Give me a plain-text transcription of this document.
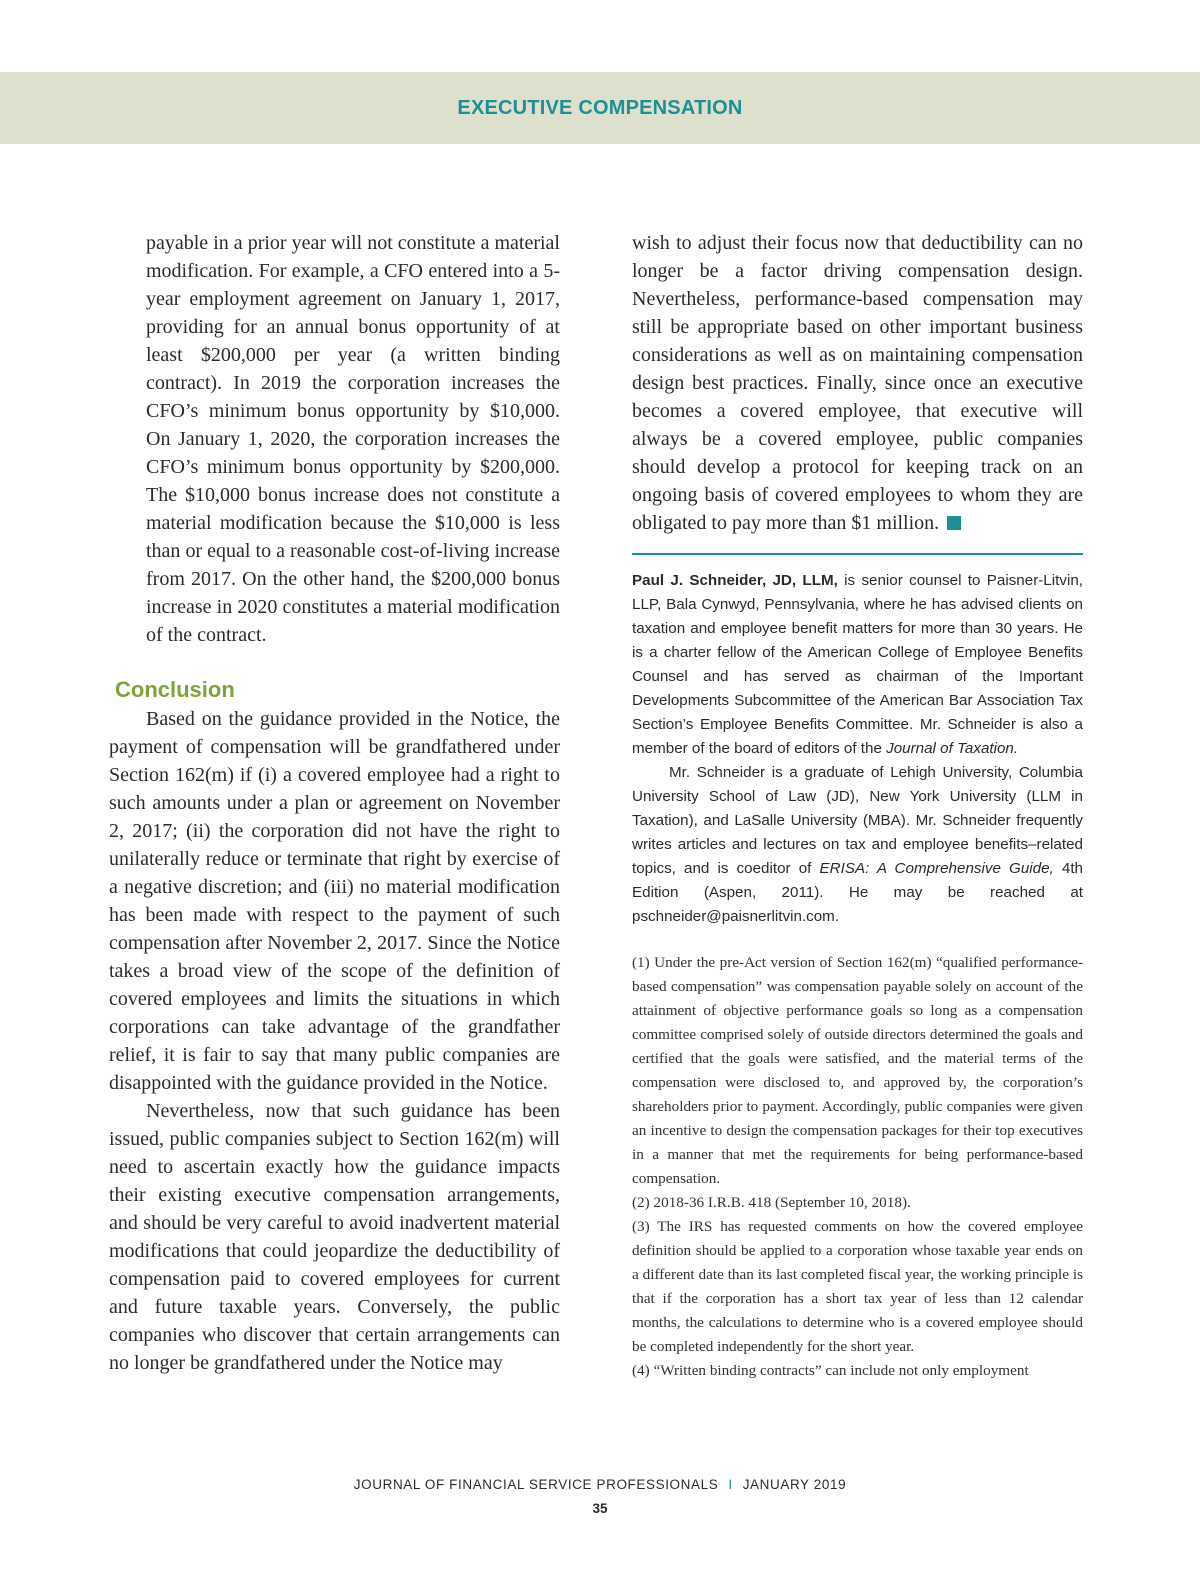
EXECUTIVE COMPENSATION

payable in a prior year will not constitute a material modification. For example, a CFO entered into a 5-year employment agreement on January 1, 2017, providing for an annual bonus opportunity of at least $200,000 per year (a written binding contract). In 2019 the corporation increases the CFO’s minimum bonus opportunity by $10,000. On January 1, 2020, the corporation increases the CFO’s minimum bonus opportunity by $200,000. The $10,000 bonus increase does not constitute a material modification because the $10,000 is less than or equal to a reasonable cost-of-living increase from 2017. On the other hand, the $200,000 bonus increase in 2020 constitutes a material modification of the contract.

Conclusion

Based on the guidance provided in the Notice, the payment of compensation will be grandfathered under Section 162(m) if (i) a covered employee had a right to such amounts under a plan or agreement on November 2, 2017; (ii) the corporation did not have the right to unilaterally reduce or terminate that right by exercise of a negative discretion; and (iii) no material modification has been made with respect to the payment of such compensation after November 2, 2017. Since the Notice takes a broad view of the scope of the definition of covered employees and limits the situations in which corporations can take advantage of the grandfather relief, it is fair to say that many public companies are disappointed with the guidance provided in the Notice.

Nevertheless, now that such guidance has been issued, public companies subject to Section 162(m) will need to ascertain exactly how the guidance impacts their existing executive compensation arrangements, and should be very careful to avoid inadvertent material modifications that could jeopardize the deductibility of compensation paid to covered employees for current and future taxable years. Conversely, the public companies who discover that certain arrangements can no longer be grandfathered under the Notice may

wish to adjust their focus now that deductibility can no longer be a factor driving compensation design. Nevertheless, performance-based compensation may still be appropriate based on other important business considerations as well as on maintaining compensation design best practices. Finally, since once an executive becomes a covered employee, that executive will always be a covered employee, public companies should develop a protocol for keeping track on an ongoing basis of covered employees to whom they are obligated to pay more than $1 million.

Paul J. Schneider, JD, LLM, is senior counsel to Paisner-Litvin, LLP, Bala Cynwyd, Pennsylvania, where he has advised clients on taxation and employee benefit matters for more than 30 years. He is a charter fellow of the American College of Employee Benefits Counsel and has served as chairman of the Important Developments Subcommittee of the American Bar Association Tax Section’s Employee Benefits Committee. Mr. Schneider is also a member of the board of editors of the Journal of Taxation.

Mr. Schneider is a graduate of Lehigh University, Columbia University School of Law (JD), New York University (LLM in Taxation), and LaSalle University (MBA). Mr. Schneider frequently writes articles and lectures on tax and employee benefits–related topics, and is coeditor of ERISA: A Comprehensive Guide, 4th Edition (Aspen, 2011). He may be reached at pschneider@paisnerlitvin.com.

(1) Under the pre-Act version of Section 162(m) “qualified performance-based compensation” was compensation payable solely on account of the attainment of objective performance goals so long as a compensation committee comprised solely of outside directors determined the goals and certified that the goals were satisfied, and the material terms of the compensation were disclosed to, and approved by, the corporation’s shareholders prior to payment. Accordingly, public companies were given an incentive to design the compensation packages for their top executives in a manner that met the requirements for being performance-based compensation.

(2) 2018-36 I.R.B. 418 (September 10, 2018).

(3) The IRS has requested comments on how the covered employee definition should be applied to a corporation whose taxable year ends on a different date than its last completed fiscal year, the working principle is that if the corporation has a short tax year of less than 12 calendar months, the calculations to determine who is a covered employee should be completed independently for the short year.

(4) “Written binding contracts” can include not only employment

JOURNAL OF FINANCIAL SERVICE PROFESSIONALS I JANUARY 2019
35
